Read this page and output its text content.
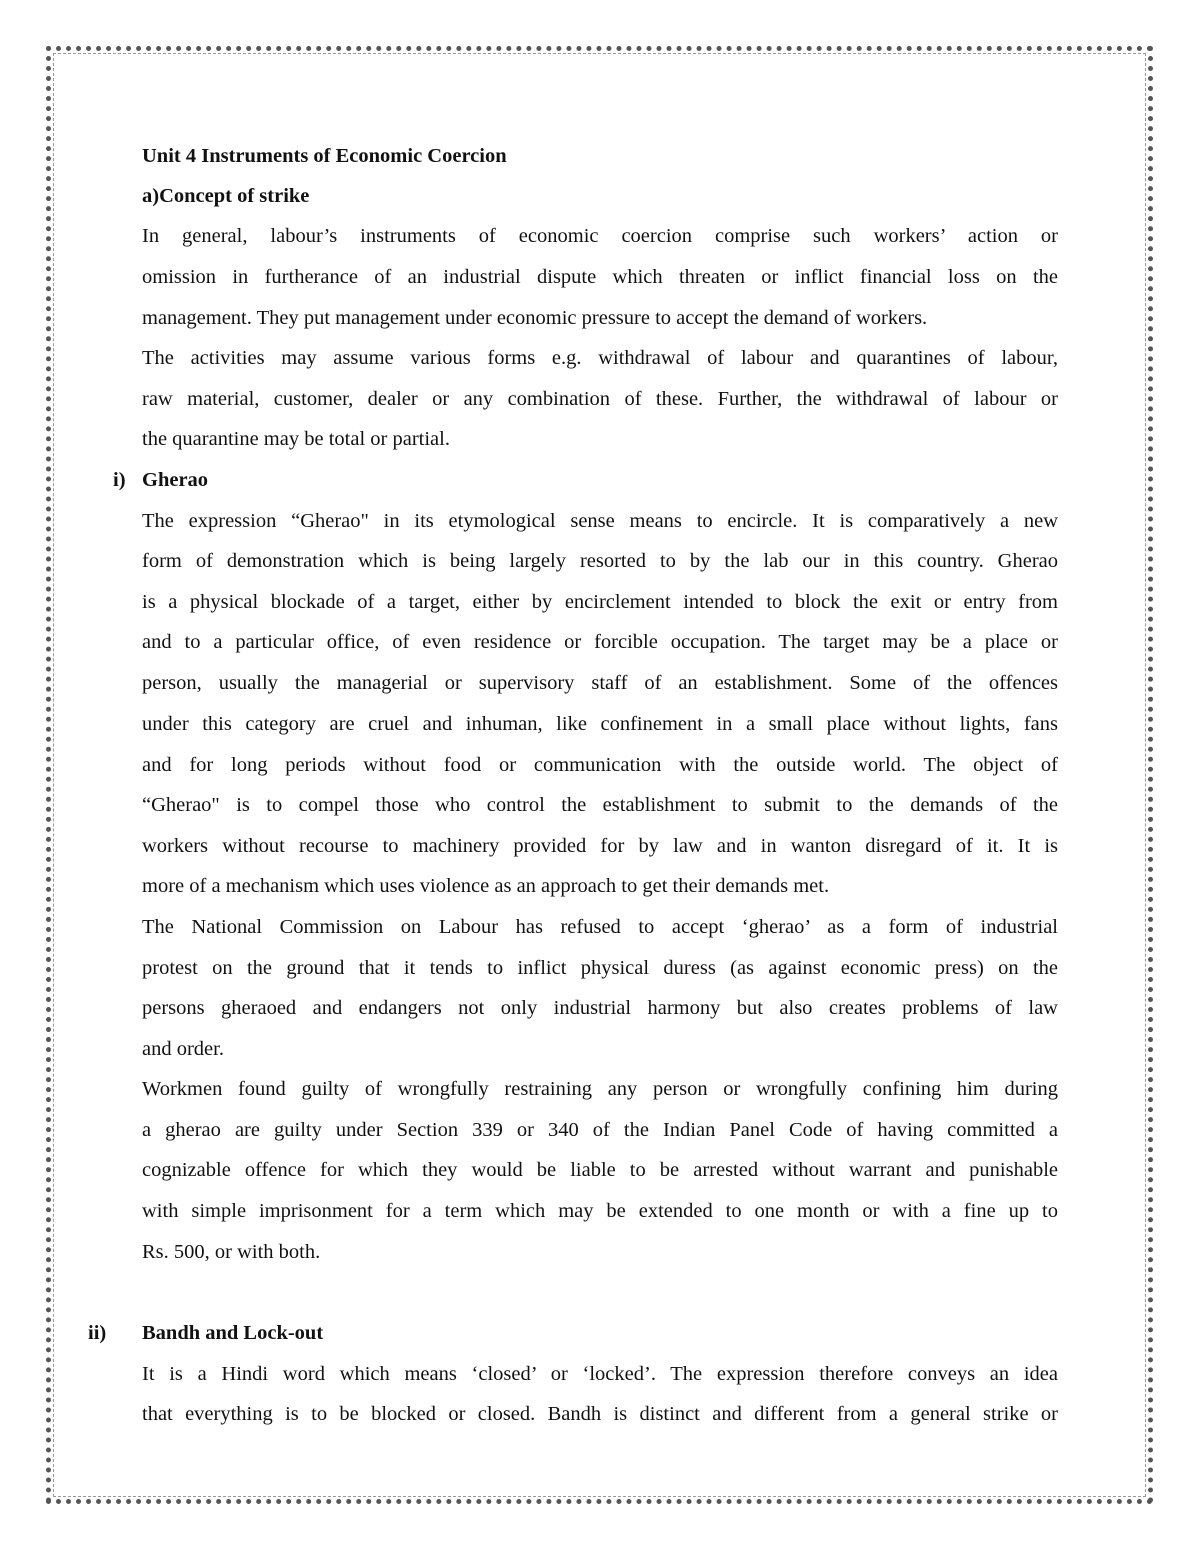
Unit 4 Instruments of Economic Coercion
a)Concept of strike
In general, labour’s instruments of economic coercion comprise such workers’ action or
omission in furtherance of an industrial dispute which threaten or inflict financial loss on the
management. They put management under economic pressure to accept the demand of workers.
The activities may assume various forms e.g. withdrawal of labour and quarantines of labour,
raw material, customer, dealer or any combination of these. Further, the withdrawal of labour or
the quarantine may be total or partial.
i) Gherao
The expression “Gherao" in its etymological sense means to encircle. It is comparatively a new
form of demonstration which is being largely resorted to by the lab our in this country. Gherao
is a physical blockade of a target, either by encirclement intended to block the exit or entry from
and to a particular office, of even residence or forcible occupation. The target may be a place or
person, usually the managerial or supervisory staff of an establishment. Some of the offences
under this category are cruel and inhuman, like confinement in a small place without lights, fans
and for long periods without food or communication with the outside world. The object of
“Gherao" is to compel those who control the establishment to submit to the demands of the
workers without recourse to machinery provided for by law and in wanton disregard of it. It is
more of a mechanism which uses violence as an approach to get their demands met.
The National Commission on Labour has refused to accept ‘gherao’ as a form of industrial
protest on the ground that it tends to inflict physical duress (as against economic press) on the
persons gheraoed and endangers not only industrial harmony but also creates problems of law
and order.
Workmen found guilty of wrongfully restraining any person or wrongfully confining him during
a gherao are guilty under Section 339 or 340 of the Indian Panel Code of having committed a
cognizable offence for which they would be liable to be arrested without warrant and punishable
with simple imprisonment for a term which may be extended to one month or with a fine up to
Rs. 500, or with both.
ii) Bandh and Lock-out
It is a Hindi word which means ‘closed’ or ‘locked’. The expression therefore conveys an idea
that everything is to be blocked or closed. Bandh is distinct and different from a general strike or
